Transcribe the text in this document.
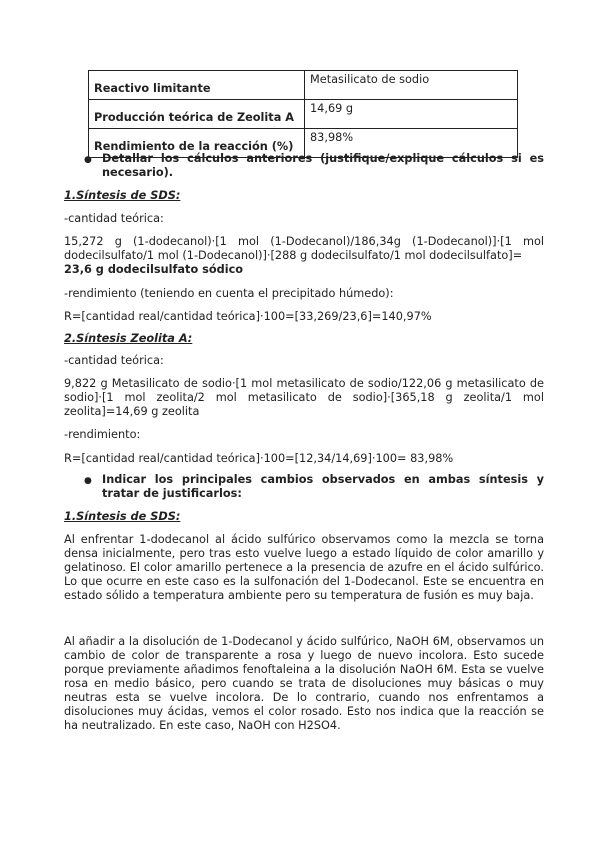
Reactivo limitante	Metasilicato de sodio
Producción teórica de Zeolita A	14,69 g
Rendimiento de la reacción (%)	83,98%
● Detallar los cálculos anteriores (justifique/explique cálculos si es necesario).

1.Síntesis de SDS:

-cantidad teórica:

15,272 g (1-dodecanol)·[1 mol (1-Dodecanol)/186,34g (1-Dodecanol)]·[1 mol dodecilsulfato/1 mol (1-Dodecanol)]·[288 g dodecilsulfato/1 mol dodecilsulfato]=

23,6 g dodecilsulfato sódico

-rendimiento (teniendo en cuenta el precipitado húmedo):

R=[cantidad real/cantidad teórica]·100=[33,269/23,6]=140,97%

2.Síntesis Zeolita A:

-cantidad teórica:

9,822 g Metasilicato de sodio·[1 mol metasilicato de sodio/122,06 g metasilicato de sodio]·[1 mol zeolita/2 mol metasilicato de sodio]·[365,18 g zeolita/1 mol zeolita]=14,69 g zeolita

-rendimiento:

R=[cantidad real/cantidad teórica]·100=[12,34/14,69]·100= 83,98%

● Indicar los principales cambios observados en ambas síntesis y tratar de justificarlos:

1.Síntesis de SDS:

Al enfrentar 1-dodecanol al ácido sulfúrico observamos como la mezcla se torna densa inicialmente, pero tras esto vuelve luego a estado líquido de color amarillo y gelatinoso. El color amarillo pertenece a la presencia de azufre en el ácido sulfúrico. Lo que ocurre en este caso es la sulfonación del 1-Dodecanol. Este se encuentra en estado sólido a temperatura ambiente pero su temperatura de fusión es muy baja.

Al añadir a la disolución de 1-Dodecanol y ácido sulfúrico, NaOH 6M, observamos un cambio de color de transparente a rosa y luego de nuevo incolora. Esto sucede porque previamente añadimos fenoftaleina a la disolución NaOH 6M. Esta se vuelve rosa en medio básico, pero cuando se trata de disoluciones muy básicas o muy neutras esta se vuelve incolora. De lo contrario, cuando nos enfrentamos a disoluciones muy ácidas, vemos el color rosado. Esto nos indica que la reacción se ha neutralizado. En este caso, NaOH con H2SO4.
